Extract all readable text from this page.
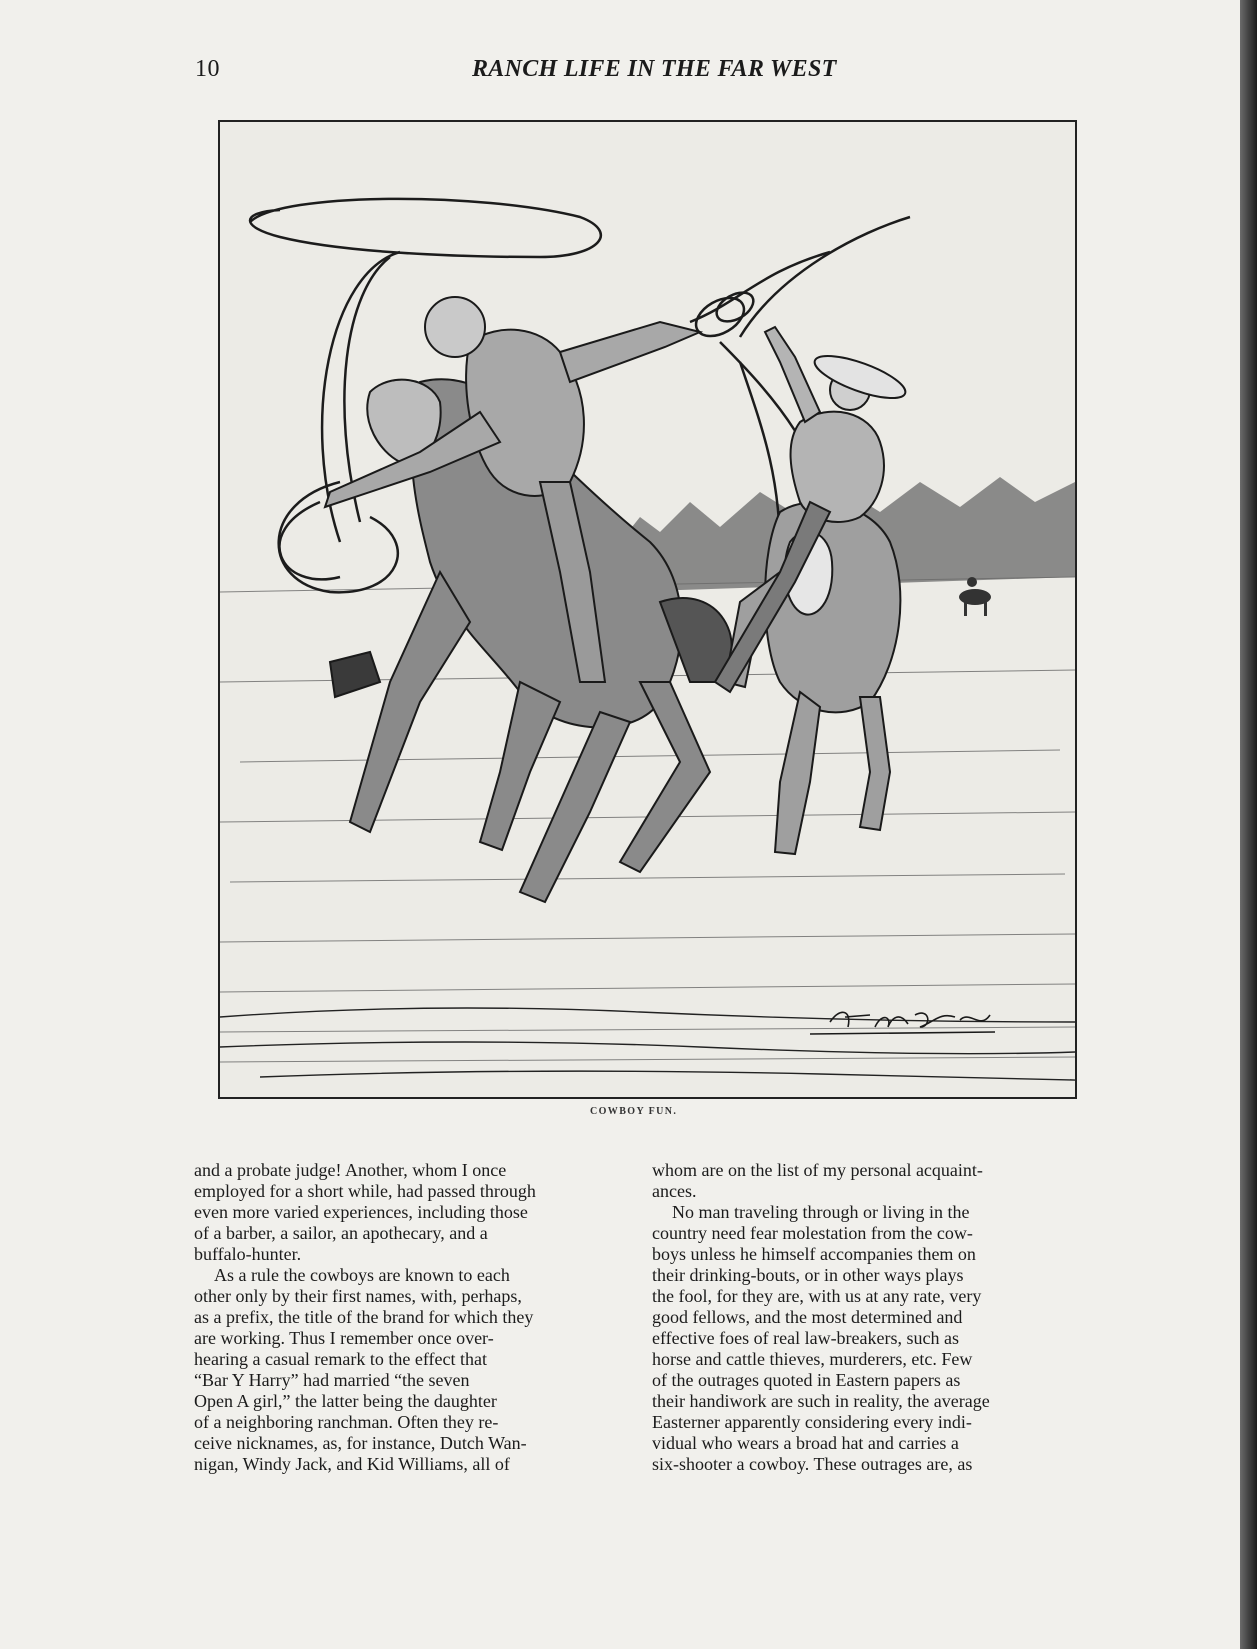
10	RANCH LIFE IN THE FAR WEST
COWBOY FUN.
and a probate judge! Another, whom I once
employed for a short while, had passed through
even more varied experiences, including those
of a barber, a sailor, an apothecary, and a
buffalo-hunter.
As a rule the cowboys are known to each
other only by their first names, with, perhaps,
as a prefix, the title of the brand for which they
are working. Thus I remember once over-
hearing a casual remark to the effect that
“Bar Y Harry” had married “the seven
Open A girl,” the latter being the daughter
of a neighboring ranchman. Often they re-
ceive nicknames, as, for instance, Dutch Wan-
nigan, Windy Jack, and Kid Williams, all of
whom are on the list of my personal acquaint-
ances.
No man traveling through or living in the
country need fear molestation from the cow-
boys unless he himself accompanies them on
their drinking-bouts, or in other ways plays
the fool, for they are, with us at any rate, very
good fellows, and the most determined and
effective foes of real law-breakers, such as
horse and cattle thieves, murderers, etc. Few
of the outrages quoted in Eastern papers as
their handiwork are such in reality, the average
Easterner apparently considering every indi-
vidual who wears a broad hat and carries a
six-shooter a cowboy. These outrages are, as
